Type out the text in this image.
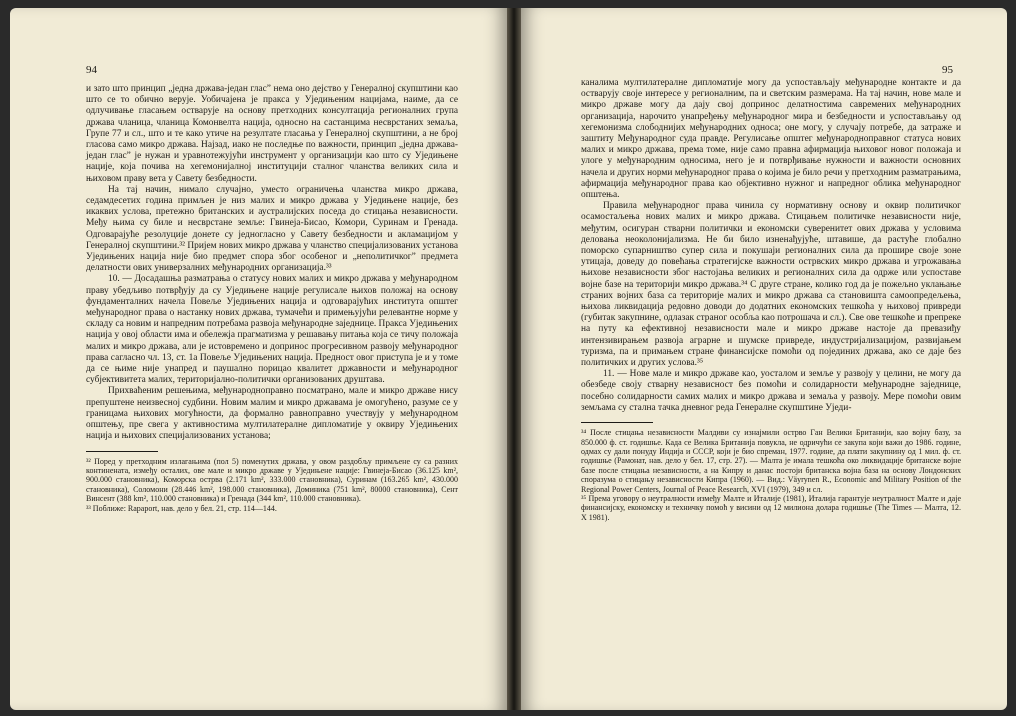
94

и зато што принцип „једна држава-један глас” нема оно дејство у Генералној скупштини као што се то обично верује. Уобичајена је пракса у Уједињеним нацијама, наиме, да се одлучивање гласањем остварује на основу претходних консултација регионалних група држава чланица, чланица Комонвелта нација, односно на састанцима несврстаних земаља, Групе 77 и сл., што и те како утиче на резултате гласања у Генералној скупштини, а не број гласова само микро држава. Најзад, иако не последње по важности, принцип „једна држава-један глас” је нужан и уравнотежујући инструмент у организацији као што су Уједињене нације, која почива на хегемонијалној институцији сталног чланства великих сила и њиховом праву вета у Савету безбедности.

На тај начин, нимало случајно, уместо ограничења чланства микро држава, седамдесетих година примљен је низ малих и микро држава у Уједињене нације, без икаквих услова, претежно британских и аустралијских поседа до стицања независности. Међу њима су биле и несврстане земље: Гвинеја-Бисао, Комори, Суринам и Гренада. Одговарајуће резолуције донете су једногласно у Савету безбедности и акламацијом у Генералној скупштини.³² Пријем нових микро држава у чланство специјализованих установа Уједињених нација није био предмет спора због особеног и „неполитичког” предмета делатности ових универзалних међународних организација.³³

10. — Досадашња разматрања о статусу нових малих и микро држава у међународном праву убедљиво потврђују да су Уједињене нације регулисале њихов положај на основу фундаменталних начела Повеље Уједињених нација и одговарајућих института општег међународног права о настанку нових држава, тумачећи и примењујући релевантне норме у складу са новим и напредним потребама развоја међународне заједнице. Пракса Уједињених нација у овој области има и обележја прагматизма у решавању питања која се тичу положаја малих и микро држава, али је истовремено и допринос прогресивном развоју међународног права сагласно чл. 13, ст. 1а Повеље Уједињених нација. Предност овог приступа је и у томе да се њиме није унапред и паушално порицао квалитет државности и међународног субјективитета малих, територијално-политички организованих друштава.

Прихваћеним решењима, међународноправно посматрано, мале и микро државе нису препуштене неизвесној судбини. Новим малим и микро државама је омогућено, разуме се у границама њихових могућности, да формално равноправно учествују у међународном општењу, пре свега у активностима мултилатералне дипломатије у оквиру Уједињених нација и њихових специјализованих установа;

³² Поред у претходним излагањима (пол 5) поменутих држава, у овом раздобљу примљене су са разних континената, између осталих, ове мале и микро државе у Уједињене нације: Гвинеја-Бисао (36.125 km², 900.000 становника), Коморска острва (2.171 km², 333.000 становника), Суринам (163.265 km², 430.000 становника), Соломони (28.446 km², 198.000 становника), Доминика (751 km², 80000 становника), Сент Винсент (388 km², 110.000 становника) и Гренада (344 km², 110.000 становника).

³³ Поближе: Rapaport, нав. дело у бел. 21, стр. 114—144.

95

каналима мултилатералне дипломатије могу да успостављају међународне контакте и да остварују своје интересе у регионалним, па и светским размерама. На тај начин, нове мале и микро државе могу да дају свој допринос делатностима савремених међународних организација, нарочито унапређењу међународног мира и безбедности и успостављању од хегемонизма слободнијих међународних односа; оне могу, у случају потребе, да затраже и заштиту Међународног суда правде. Регулисање општег међународноправног статуса нових малих и микро држава, према томе, није само правна афирмација њиховог новог положаја и улоге у међународним односима, него је и потврђивање нужности и важности основних начела и других норми међународног права о којима је било речи у претходним разматрањима, афирмација међународног права као објективно нужног и напредног облика међународног општења.

Правила међународног права чинила су нормативну основу и оквир политичког осамостаљења нових малих и микро држава. Стицањем политичке независности није, међутим, осигуран стварни политички и економски суверенитет ових држава у условима деловања неоколонијализма. Не би било изненађујуће, штавише, да растуће глобално поморско супарништво супер сила и покушаји регионалних сила да прошире своје зоне утицаја, доведу до повећања стратегијске важности острвских микро држава и угрожавања њихове независности због настојања великих и регионалних сила да одрже или успоставе војне базе на територији микро држава.³⁴ С друге стране, колико год да је пожељно уклањање страних војних база са територије малих и микро држава са становишта самоопредељења, њихова ликвидација редовно доводи до додатних економских тешкоћа у њиховој привреди (губитак закупнине, одлазак страног особља као потрошача и сл.). Све ове тешкоће и препреке на путу ка ефективној независности мале и микро државе настоје да превазиђу интензивирањем развоја аграрне и шумске привреде, индустријализацијом, развијањем туризма, па и примањем стране финансијске помоћи од појединих држава, ако се даје без политичких и других услова.³⁵

11. — Нове мале и микро државе као, уосталом и земље у развоју у целини, не могу да обезбеде своју стварну независност без помоћи и солидарности међународне заједнице, посебно солидарности самих малих и микро држава и земаља у развоју. Мере помоћи овим земљама су стална тачка дневног реда Генералне скупштине Уједи-

³⁴ После стицања независности Малдиви су изнајмили острво Ган Велики Британији, као војну базу, за 850.000 ф. ст. годишње. Када се Велика Британија повукла, не одричући се закупа који важи до 1986. године, одмах су дали понуду Индија и СССР, који је био спреман, 1977. године, да плати закупнину од 1 мил. ф. ст. годишње (Рамонат, нав. дело у бел. 17, стр. 27). — Малта је имала тешкоћа око ликвидације британске војне базе после стицања независности, а на Кипру и данас постоји британска војна база на основу Лондонских споразума о стицању независности Кипра (1960). — Вид.: Väyrynen R., Economic and Military Position of the Regional Power Centers, Journal of Peace Research, XVI (1979), 349 и сл.

³⁵ Према уговору о неутралности између Малте и Италије (1981), Италија гарантује неутралност Малте и даје финансијску, економску и техничку помоћ у висини од 12 милиона долара годишње (The Times — Малта, 12. X 1981).
